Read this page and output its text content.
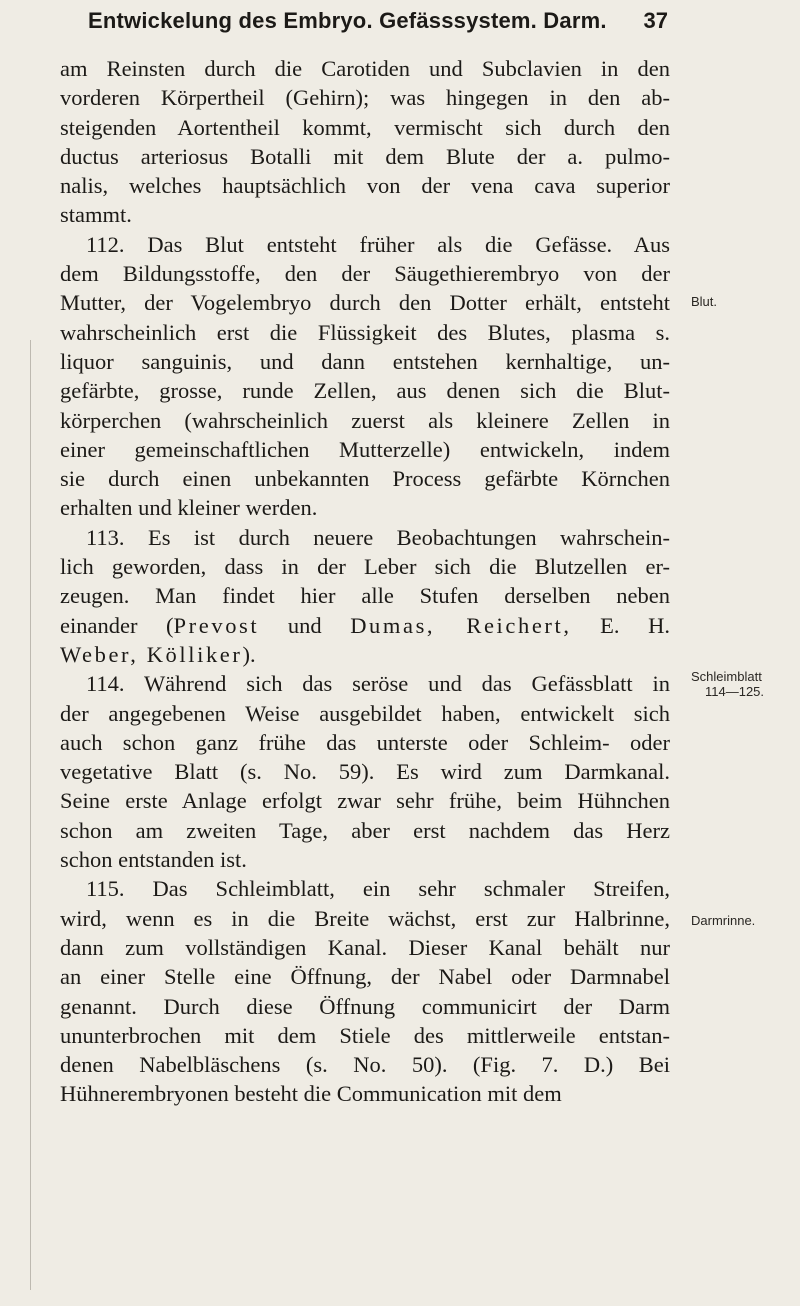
Entwickelung des Embryo. Gefässsystem. Darm. 37
am Reinsten durch die Carotiden und Subclavien in den
vorderen Körpertheil (Gehirn); was hingegen in den ab-
steigenden Aortentheil kommt, vermischt sich durch den
ductus arteriosus Botalli mit dem Blute der a. pulmo-
nalis, welches hauptsächlich von der vena cava superior
stammt.
112. Das Blut entsteht früher als die Gefässe. Aus
dem Bildungsstoffe, den der Säugethierembryo von der
Mutter, der Vogelembryo durch den Dotter erhält, entsteht
wahrscheinlich erst die Flüssigkeit des Blutes, plasma s.
liquor sanguinis, und dann entstehen kernhaltige, un-
gefärbte, grosse, runde Zellen, aus denen sich die Blut-
körperchen (wahrscheinlich zuerst als kleinere Zellen in
einer gemeinschaftlichen Mutterzelle) entwickeln, indem
sie durch einen unbekannten Process gefärbte Körnchen
erhalten und kleiner werden.
113. Es ist durch neuere Beobachtungen wahrschein-
lich geworden, dass in der Leber sich die Blutzellen er-
zeugen. Man findet hier alle Stufen derselben neben
einander (Prevost und Dumas, Reichert, E. H.
Weber, Kölliker).
114. Während sich das seröse und das Gefässblatt in
der angegebenen Weise ausgebildet haben, entwickelt sich
auch schon ganz frühe das unterste oder Schleim- oder
vegetative Blatt (s. No. 59). Es wird zum Darmkanal.
Seine erste Anlage erfolgt zwar sehr frühe, beim Hühnchen
schon am zweiten Tage, aber erst nachdem das Herz
schon entstanden ist.
115. Das Schleimblatt, ein sehr schmaler Streifen,
wird, wenn es in die Breite wächst, erst zur Halbrinne,
dann zum vollständigen Kanal. Dieser Kanal behält nur
an einer Stelle eine Öffnung, der Nabel oder Darmnabel
genannt. Durch diese Öffnung communicirt der Darm
ununterbrochen mit dem Stiele des mittlerweile entstan-
denen Nabelbläschens (s. No. 50). (Fig. 7. D.) Bei
Hühnerembryonen besteht die Communication mit dem
Blut.
Schleimblatt
114—125.
Darmrinne.
